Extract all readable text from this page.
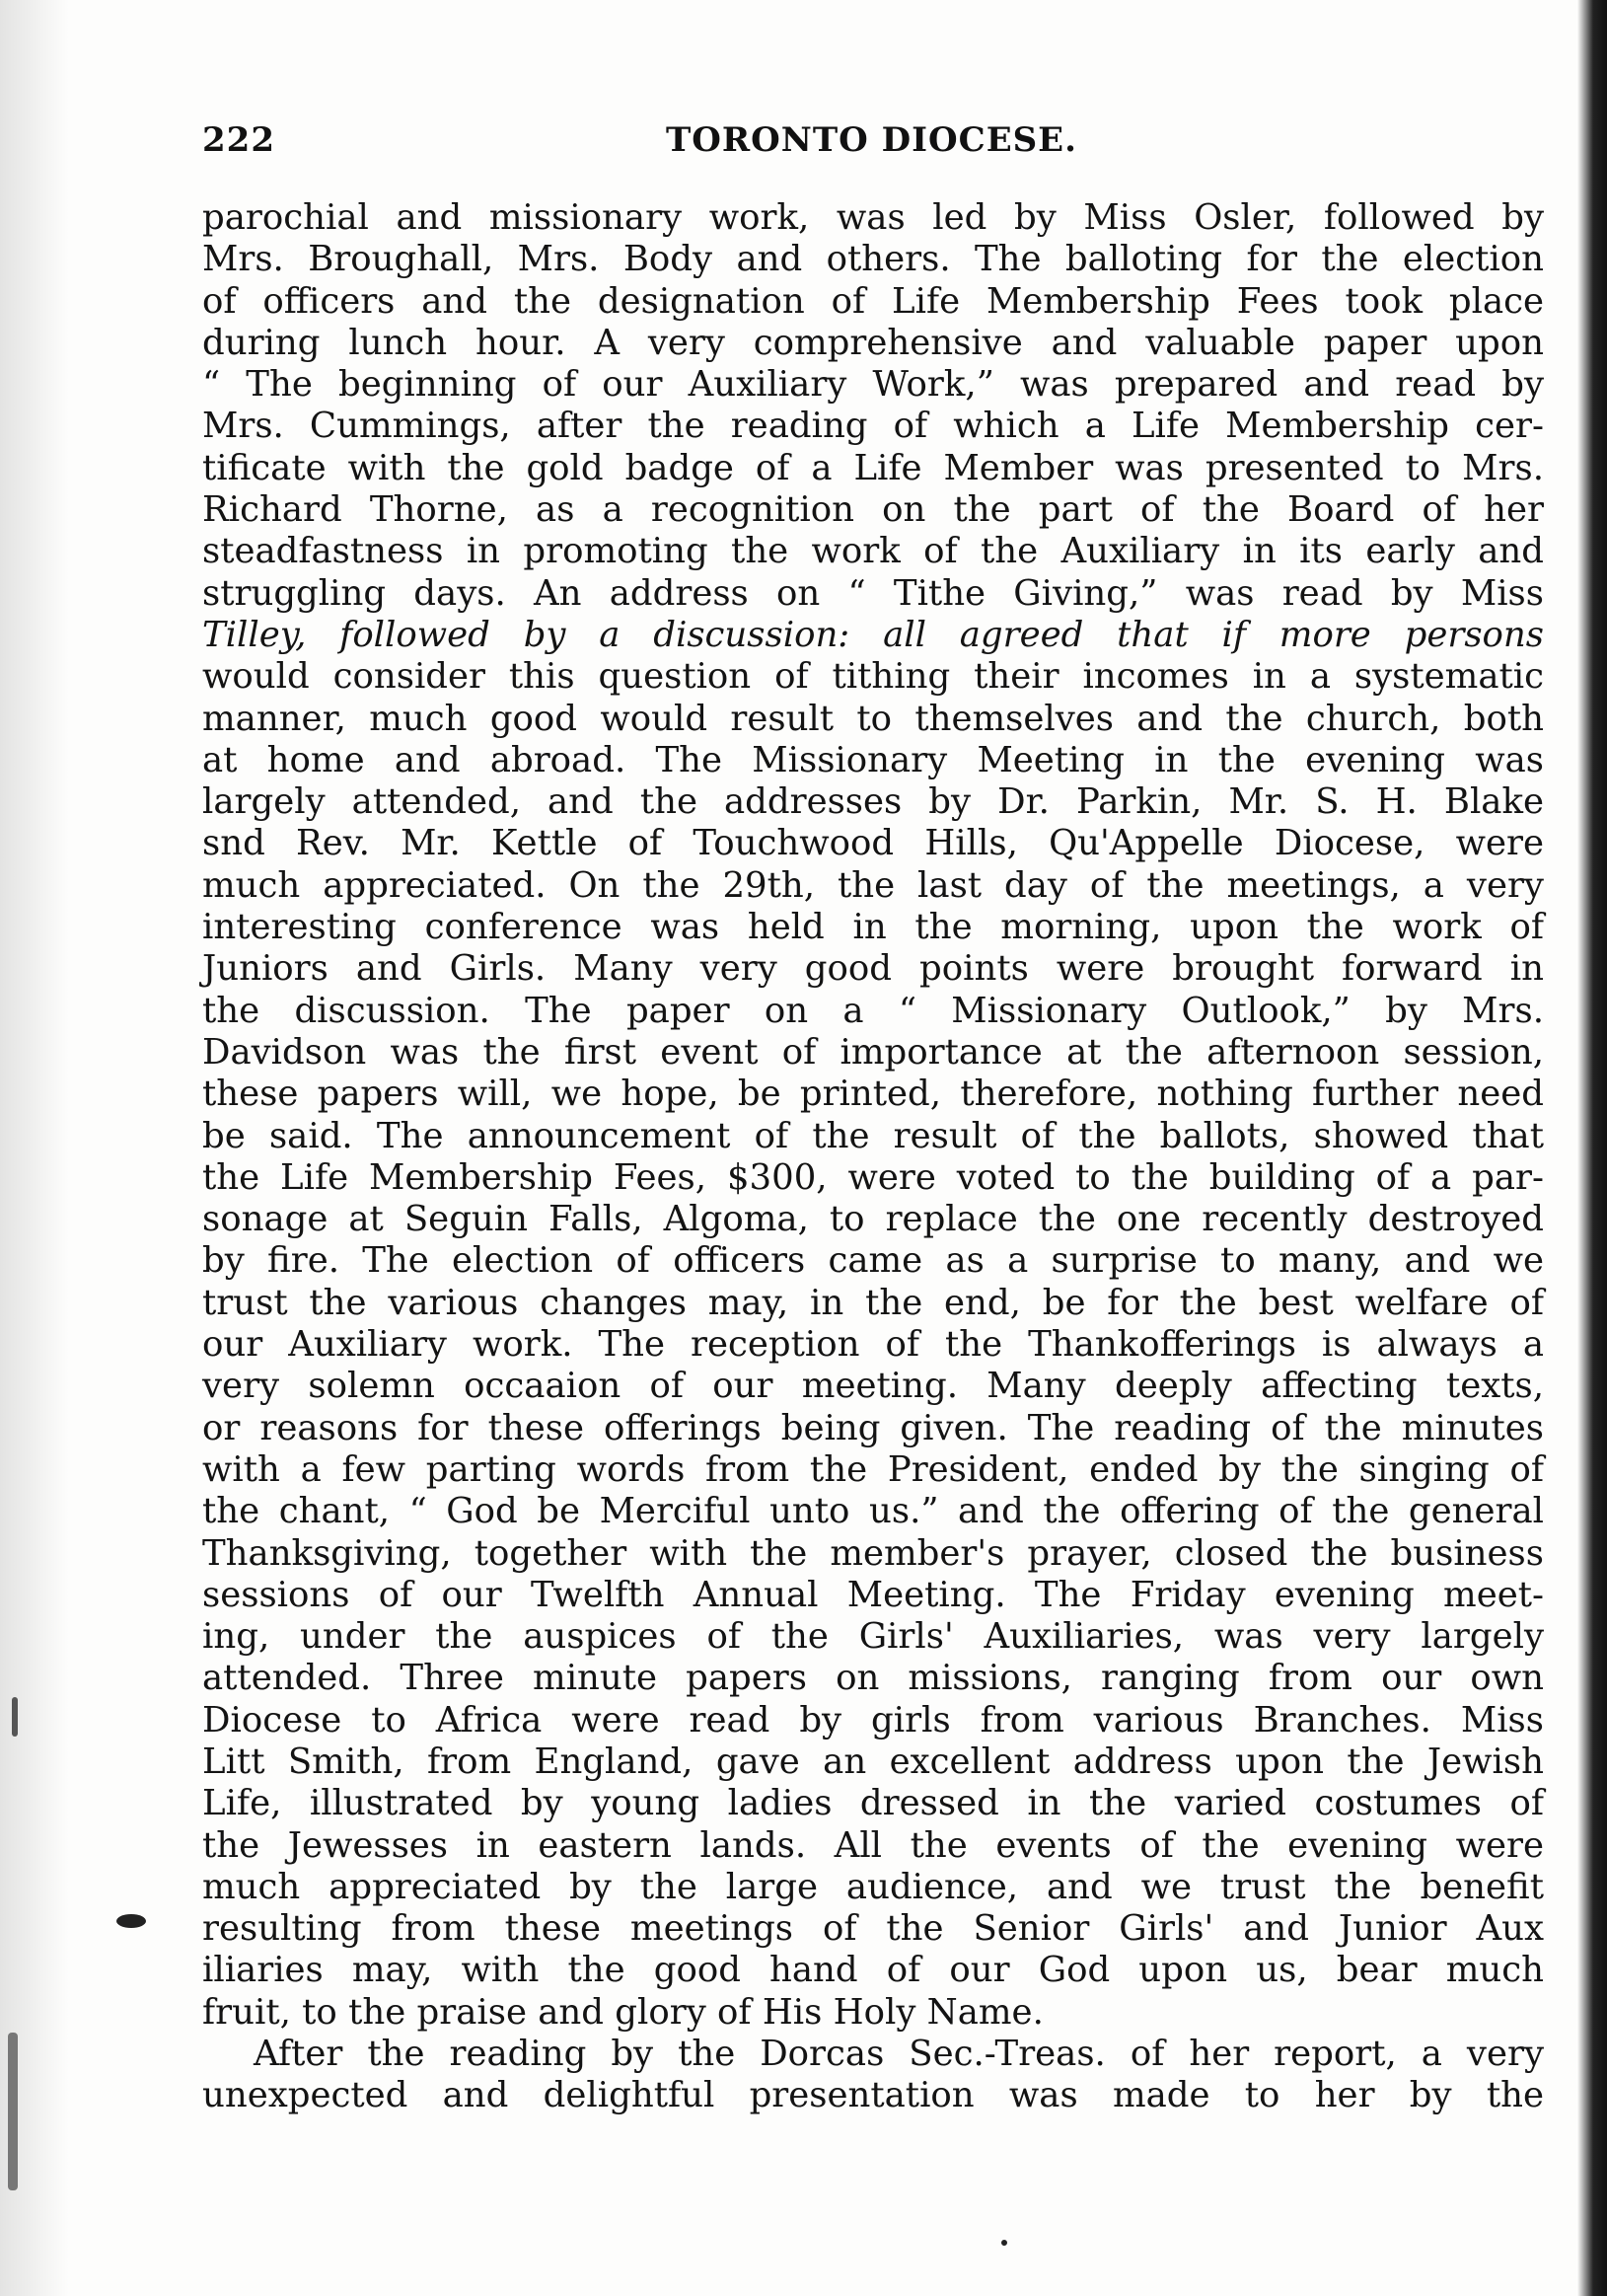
222	TORONTO DIOCESE.
parochial and missionary work, was led by Miss Osler, followed by
Mrs. Broughall, Mrs. Body and others. The balloting for the election
of officers and the designation of Life Membership Fees took place
during lunch hour. A very comprehensive and valuable paper upon
“ The beginning of our Auxiliary Work,” was prepared and read by
Mrs. Cummings, after the reading of which a Life Membership cer-
tificate with the gold badge of a Life Member was presented to Mrs.
Richard Thorne, as a recognition on the part of the Board of her
steadfastness in promoting the work of the Auxiliary in its early and
struggling days. An address on “ Tithe Giving,” was read by Miss
Tilley, followed by a discussion: all agreed that if more persons
would consider this question of tithing their incomes in a systematic
manner, much good would result to themselves and the church, both
at home and abroad. The Missionary Meeting in the evening was
largely attended, and the addresses by Dr. Parkin, Mr. S. H. Blake
snd Rev. Mr. Kettle of Touchwood Hills, Qu'Appelle Diocese, were
much appreciated. On the 29th, the last day of the meetings, a very
interesting conference was held in the morning, upon the work of
Juniors and Girls. Many very good points were brought forward in
the discussion. The paper on a “ Missionary Outlook,” by Mrs.
Davidson was the first event of importance at the afternoon session,
these papers will, we hope, be printed, therefore, nothing further need
be said. The announcement of the result of the ballots, showed that
the Life Membership Fees, $300, were voted to the building of a par-
sonage at Seguin Falls, Algoma, to replace the one recently destroyed
by fire. The election of officers came as a surprise to many, and we
trust the various changes may, in the end, be for the best welfare of
our Auxiliary work. The reception of the Thankofferings is always a
very solemn occaaion of our meeting. Many deeply affecting texts,
or reasons for these offerings being given. The reading of the minutes
with a few parting words from the President, ended by the singing of
the chant, “ God be Merciful unto us.” and the offering of the general
Thanksgiving, together with the member's prayer, closed the business
sessions of our Twelfth Annual Meeting. The Friday evening meet-
ing, under the auspices of the Girls' Auxiliaries, was very largely
attended. Three minute papers on missions, ranging from our own
Diocese to Africa were read by girls from various Branches. Miss
Litt Smith, from England, gave an excellent address upon the Jewish
Life, illustrated by young ladies dressed in the varied costumes of
the Jewesses in eastern lands. All the events of the evening were
much appreciated by the large audience, and we trust the benefit
resulting from these meetings of the Senior Girls' and Junior Aux
iliaries may, with the good hand of our God upon us, bear much
fruit, to the praise and glory of His Holy Name.
After the reading by the Dorcas Sec.-Treas. of her report, a very
unexpected and delightful presentation was made to her by the
